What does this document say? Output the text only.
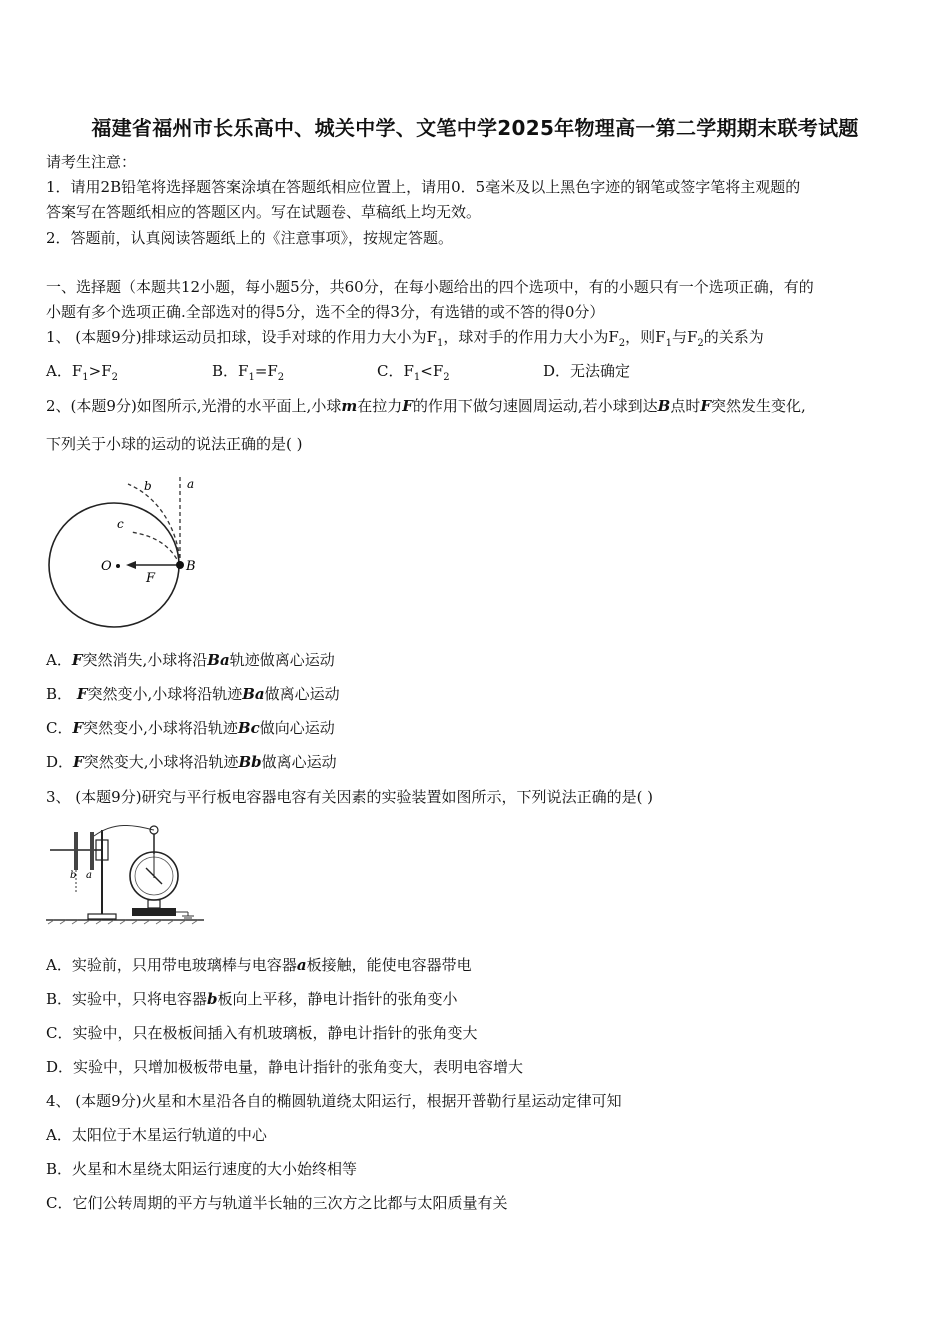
福建省福州市长乐高中、城关中学、文笔中学2025年物理高一第二学期期末联考试题
请考生注意：
1．请用2B铅笔将选择题答案涂填在答题纸相应位置上，请用0．5毫米及以上黑色字迹的钢笔或签字笔将主观题的
答案写在答题纸相应的答题区内。写在试题卷、草稿纸上均无效。
2．答题前，认真阅读答题纸上的《注意事项》，按规定答题。
一、选择题（本题共12小题，每小题5分，共60分，在每小题给出的四个选项中，有的小题只有一个选项正确，有的
小题有多个选项正确.全部选对的得5分，选不全的得3分，有选错的或不答的得0分）
1、 (本题9分)排球运动员扣球，设手对球的作用力大小为$F_1$，球对手的作用力大小为$F_2$，则$F_1$与$F_2$的关系为
A．$F_1>F_2$	B．$F_1=F_2$	C．$F_1<F_2$	D．无法确定
2、(本题9分)如图所示,光滑的水平面上,小球m在拉力F的作用下做匀速圆周运动,若小球到达B点时F突然发生变化,
下列关于小球的运动的说法正确的是( )
a
b
c
O
F
B
A．F突然消失,小球将沿Ba轨迹做离心运动
B． F突然变小,小球将沿轨迹Ba做离心运动
C．F突然变小,小球将沿轨迹Bc做向心运动
D．F突然变大,小球将沿轨迹Bb做离心运动
3、 (本题9分)研究与平行板电容器电容有关因素的实验装置如图所示，下列说法正确的是( )
b a
A．实验前，只用带电玻璃棒与电容器a板接触，能使电容器带电
B．实验中，只将电容器b板向上平移，静电计指针的张角变小
C．实验中，只在极板间插入有机玻璃板，静电计指针的张角变大
D．实验中，只增加极板带电量，静电计指针的张角变大，表明电容增大
4、 (本题9分)火星和木星沿各自的椭圆轨道绕太阳运行，根据开普勒行星运动定律可知
A．太阳位于木星运行轨道的中心
B．火星和木星绕太阳运行速度的大小始终相等
C．它们公转周期的平方与轨道半长轴的三次方之比都与太阳质量有关
